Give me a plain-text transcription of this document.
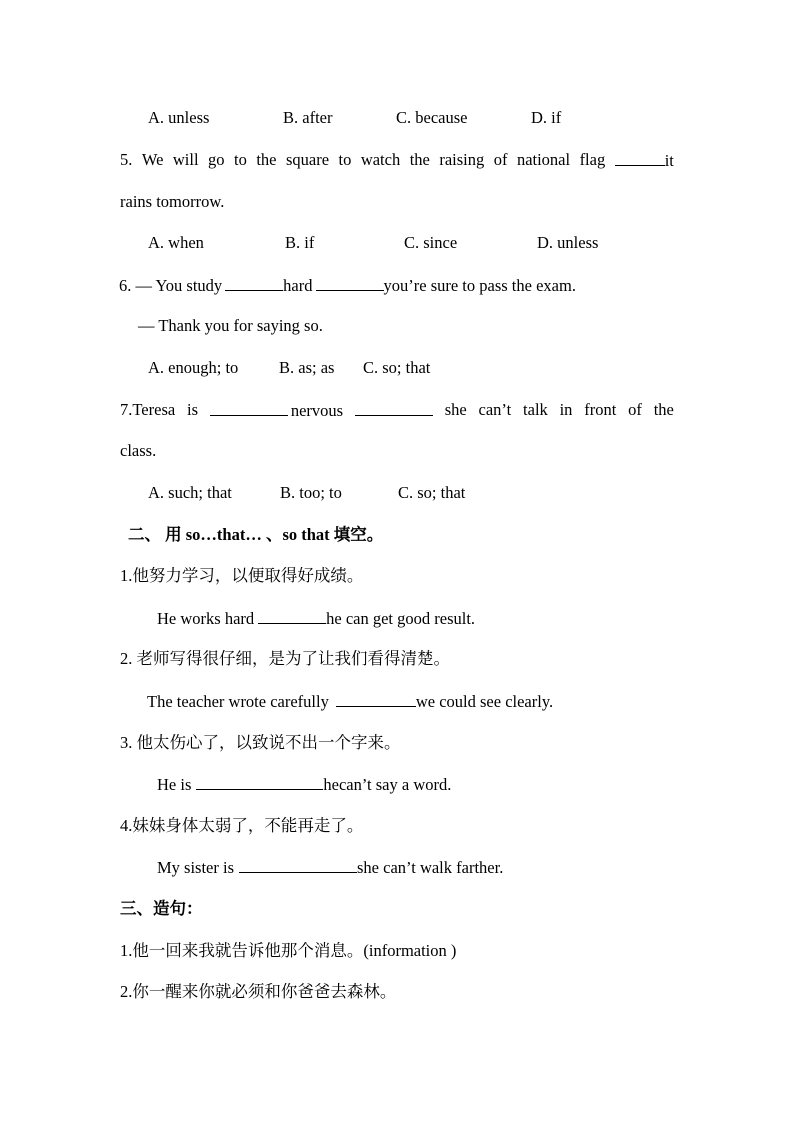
A. unless	B. after	C. because	D. if
5. We will go to the square to watch the raising of national flag	it
rains tomorrow.
A. when	B. if	C. since	D. unless
6. — You study	hard	you’re sure to pass the exam.
— Thank you for saying so.
A. enough; to B. as; as C. so; that
7.Teresa is	nervous	she can’t talk in front of the
class.
A. such; that	B. too; to	C. so; that
二、 用 so…that… 、so that 填空。
1.他努力学习，以便取得好成绩。
He works hard	he can get good result.
2. 老师写得很仔细，是为了让我们看得清楚。
The teacher wrote carefully	we could see clearly.
3. 他太伤心了，以致说不出一个字来。
He is	hecan’t say a word.
4.妹妹身体太弱了，不能再走了。
My sister is	she can’t walk farther.
三、造句：
1.他一回来我就告诉他那个消息。(information )
2.你一醒来你就必须和你爸爸去森林。
